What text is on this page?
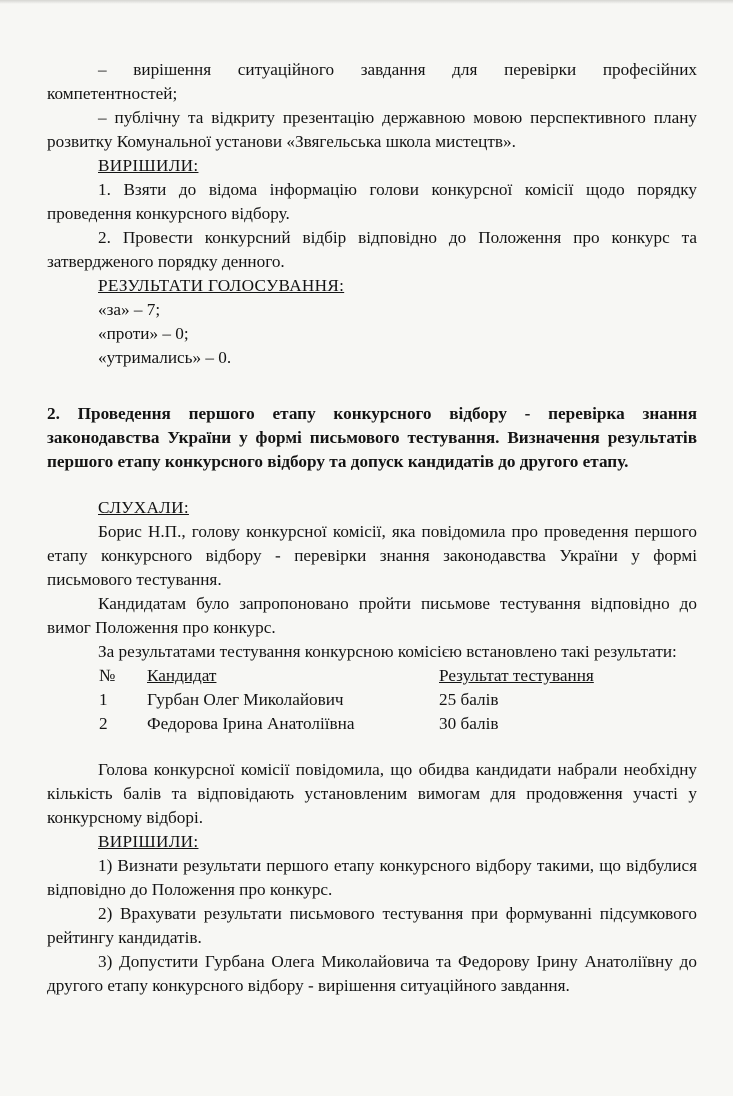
– вирішення ситуаційного завдання для перевірки професійних компетентностей;

– публічну та відкриту презентацію державною мовою перспективного плану розвитку Комунальної установи «Звягельська школа мистецтв».

ВИРІШИЛИ:

1. Взяти до відома інформацію голови конкурсної комісії щодо порядку проведення конкурсного відбору.

2. Провести конкурсний відбір відповідно до Положення про конкурс та затвердженого порядку денного.

РЕЗУЛЬТАТИ ГОЛОСУВАННЯ:

«за» – 7;

«проти» – 0;

«утримались» – 0.

2. Проведення першого етапу конкурсного відбору - перевірка знання законодавства України у формі письмового тестування. Визначення результатів першого етапу конкурсного відбору та допуск кандидатів до другого етапу.

СЛУХАЛИ:

Борис Н.П., голову конкурсної комісії, яка повідомила про проведення першого етапу конкурсного відбору - перевірки знання законодавства України у формі письмового тестування.

Кандидатам було запропоновано пройти письмове тестування відповідно до вимог Положення про конкурс.

За результатами тестування конкурсною комісією встановлено такі результати:

№	Кандидат	Результат тестування
1	Гурбан Олег Миколайович	25 балів
2	Федорова Ірина Анатоліївна	30 балів

Голова конкурсної комісії повідомила, що обидва кандидати набрали необхідну кількість балів та відповідають установленим вимогам для продовження участі у конкурсному відборі.

ВИРІШИЛИ:

1) Визнати результати першого етапу конкурсного відбору такими, що відбулися відповідно до Положення про конкурс.

2) Врахувати результати письмового тестування при формуванні підсумкового рейтингу кандидатів.

3) Допустити Гурбана Олега Миколайовича та Федорову Ірину Анатоліївну до другого етапу конкурсного відбору - вирішення ситуаційного завдання.
